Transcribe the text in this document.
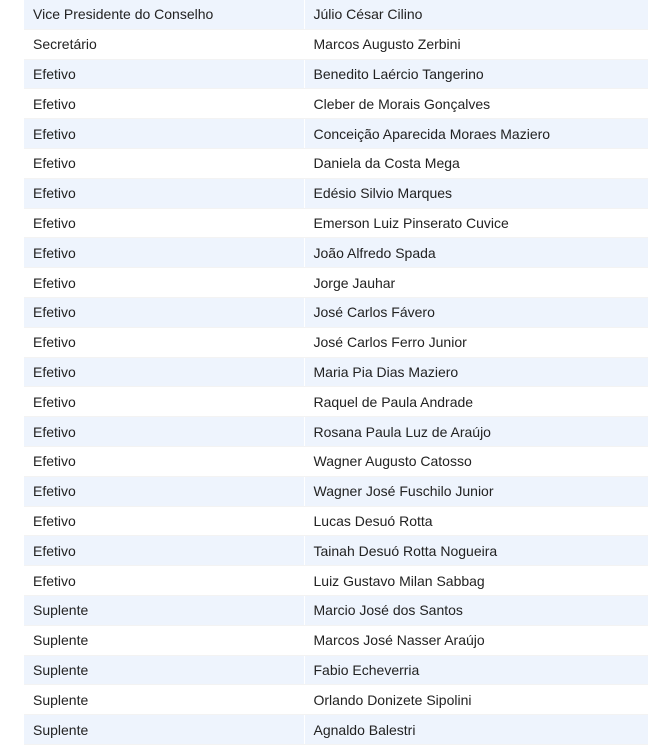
Vice Presidente do Conselho	Júlio César Cilino
Secretário	Marcos Augusto Zerbini
Efetivo	Benedito Laércio Tangerino
Efetivo	Cleber de Morais Gonçalves
Efetivo	Conceição Aparecida Moraes Maziero
Efetivo	Daniela da Costa Mega
Efetivo	Edésio Silvio Marques
Efetivo	Emerson Luiz Pinserato Cuvice
Efetivo	João Alfredo Spada
Efetivo	Jorge Jauhar
Efetivo	José Carlos Fávero
Efetivo	José Carlos Ferro Junior
Efetivo	Maria Pia Dias Maziero
Efetivo	Raquel de Paula Andrade
Efetivo	Rosana Paula Luz de Araújo
Efetivo	Wagner Augusto Catosso
Efetivo	Wagner José Fuschilo Junior
Efetivo	Lucas Desuó Rotta
Efetivo	Tainah Desuó Rotta Nogueira
Efetivo	Luiz Gustavo Milan Sabbag
Suplente	Marcio José dos Santos
Suplente	Marcos José Nasser Araújo
Suplente	Fabio Echeverria
Suplente	Orlando Donizete Sipolini
Suplente	Agnaldo Balestri
